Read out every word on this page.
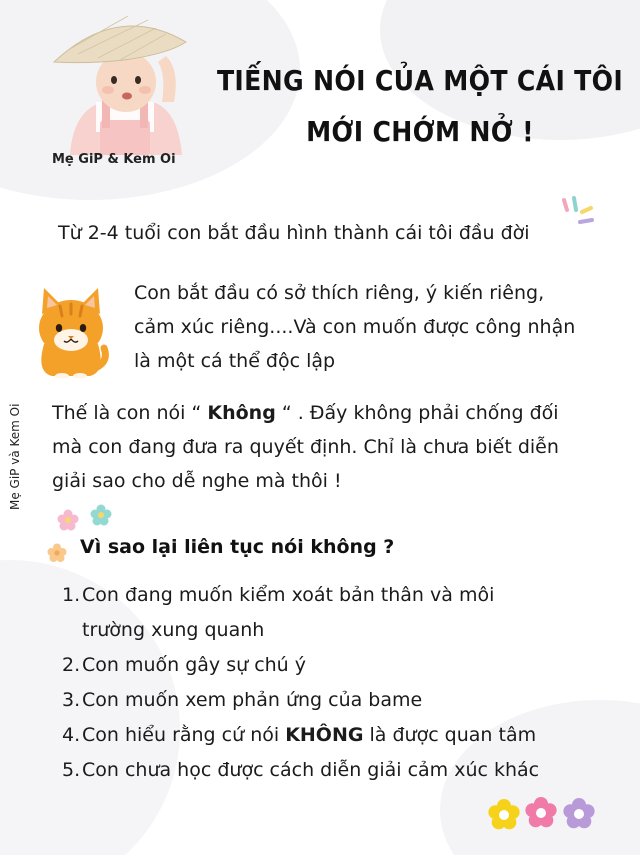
TIẾNG NÓI CỦA MỘT CÁI TÔI
MỚI CHỚM NỞ !
Mẹ GiP & Kem Oi
Từ 2-4 tuổi con bắt đầu hình thành cái tôi đầu đời
Con bắt đầu có sở thích riêng, ý kiến riêng,
cảm xúc riêng....Và con muốn được công nhận
là một cá thể độc lập
Mẹ GiP và Kem Oi Thế là con nói “ Không “ . Đấy không phải chống đối
mà con đang đưa ra quyết định. Chỉ là chưa biết diễn
giải sao cho dễ nghe mà thôi !
Vì sao lại liên tục nói không ?
1.Con đang muốn kiểm xoát bản thân và môi
trường xung quanh
2.Con muốn gây sự chú ý
3.Con muốn xem phản ứng của bame
4.Con hiểu rằng cứ nói KHÔNG là được quan tâm
5.Con chưa học được cách diễn giải cảm xúc khác
